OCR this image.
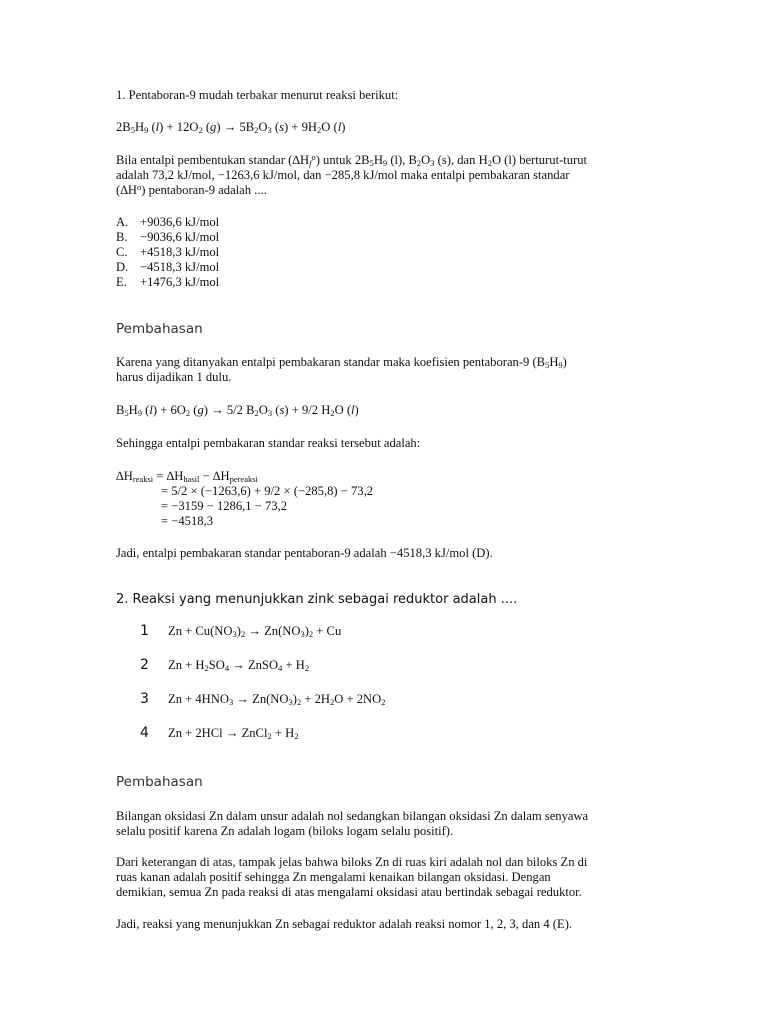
1. Pentaboran-9 mudah terbakar menurut reaksi berikut:
$2B_5H_9$ $(l) + 12O_2$ $(g) \to 5B_2O_3$ $(s) + 9H_2O$ (l)
Bila entalpi pembentukan standar $(\Delta H_f^o)$ untuk $2B_5H_9$ (l), $B_2O_3$ (s), dan $H_2O$ (l) berturut-turut
adalah 73,2 kJ/mol, −1263,6 kJ/mol, dan −285,8 kJ/mol maka entalpi pembakaran standar
$(\Delta H^o)$ pentaboran-9 adalah ....
A. +9036,6 kJ/mol
B. −9036,6 kJ/mol
C. +4518,3 kJ/mol
D. −4518,3 kJ/mol
E. +1476,3 kJ/mol
Pembahasan
Karena yang ditanyakan entalpi pembakaran standar maka koefisien pentaboran-9 $(B_5H_9)$
harus dijadikan 1 dulu.
$B_5H_9$ $(l) + 6O_2$ (g) → 5/2 $B_2O_3$ (s) + 9/2 $H_2O$ (l)
Sehingga entalpi pembakaran standar reaksi tersebut adalah:
$\Delta H_{reaksi} = \Delta H_{hasil} - \Delta H_{pereaksi}$
= 5/2 × (−1263,6) + 9/2 × (−285,8) − 73,2
= −3159 − 1286,1 − 73,2
= −4518,3
Jadi, entalpi pembakaran standar pentaboran-9 adalah −4518,3 kJ/mol (D).
2. Reaksi yang menunjukkan zink sebagai reduktor adalah ....
1 $Zn + Cu(NO_3)_2 \to Zn(NO_3)_2 + Cu$
2 $Zn + H_2SO_4$ → ZnSO$_4$ + $H_2$
3 $Zn + 4HNO_3 \to Zn(NO_3)_2 + 2H_2O + 2NO_2$
4 Zn + 2HCl → ZnCl$_2$ + $H_2$
Pembahasan
Bilangan oksidasi Zn dalam unsur adalah nol sedangkan bilangan oksidasi Zn dalam senyawa
selalu positif karena Zn adalah logam (biloks logam selalu positif).
Dari keterangan di atas, tampak jelas bahwa biloks Zn di ruas kiri adalah nol dan biloks Zn di
ruas kanan adalah positif sehingga Zn mengalami kenaikan bilangan oksidasi. Dengan
demikian, semua Zn pada reaksi di atas mengalami oksidasi atau bertindak sebagai reduktor.
Jadi, reaksi yang menunjukkan Zn sebagai reduktor adalah reaksi nomor 1, 2, 3, dan 4 (E).
